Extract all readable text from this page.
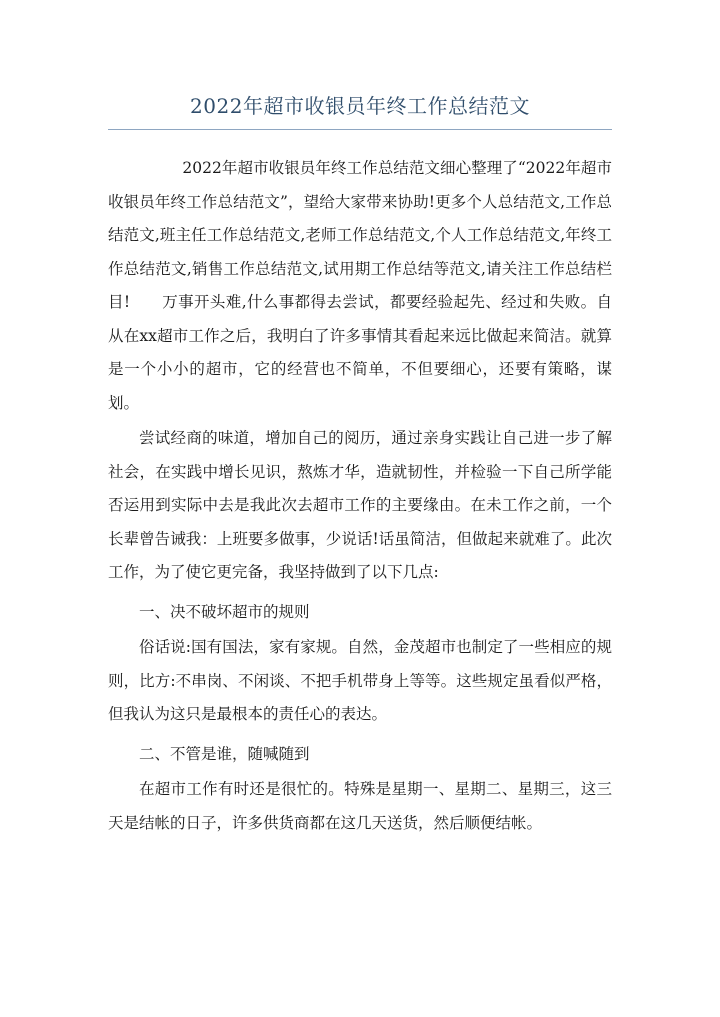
2022年超市收银员年终工作总结范文

2022年超市收银员年终工作总结范文细心整理了“2022年超市收银员年终工作总结范文”，望给大家带来协助!更多个人总结范文,工作总结范文,班主任工作总结范文,老师工作总结范文,个人工作总结范文,年终工作总结范文,销售工作总结范文,试用期工作总结等范文,请关注工作总结栏目!　　万事开头难,什么事都得去尝试，都要经验起先、经过和失败。自从在xx超市工作之后，我明白了许多事情其看起来远比做起来简洁。就算是一个小小的超市，它的经营也不简单，不但要细心，还要有策略，谋划。

尝试经商的味道，增加自己的阅历，通过亲身实践让自己进一步了解社会，在实践中增长见识，熬炼才华，造就韧性，并检验一下自己所学能否运用到实际中去是我此次去超市工作的主要缘由。在未工作之前，一个长辈曾告诫我：上班要多做事，少说话!话虽简洁，但做起来就难了。此次工作，为了使它更完备，我坚持做到了以下几点:

一、决不破坏超市的规则

俗话说:国有国法，家有家规。自然，金茂超市也制定了一些相应的规则，比方:不串岗、不闲谈、不把手机带身上等等。这些规定虽看似严格，但我认为这只是最根本的责任心的表达。

二、不管是谁，随喊随到

在超市工作有时还是很忙的。特殊是星期一、星期二、星期三，这三天是结帐的日子，许多供货商都在这几天送货，然后顺便结帐。
